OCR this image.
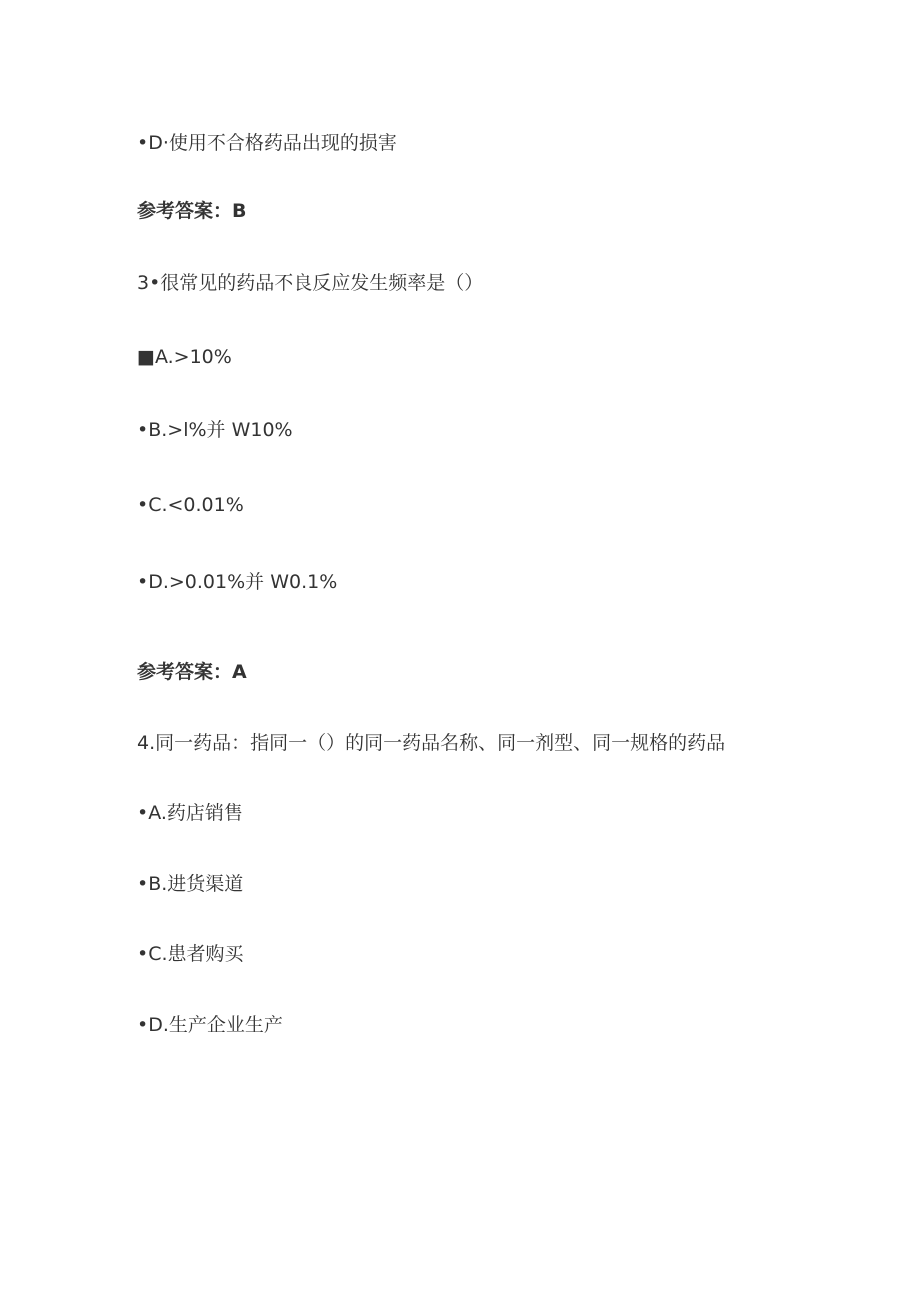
•D·使用不合格药品出现的损害
参考答案：B
3•很常见的药品不良反应发生频率是（）
■A.>10%
•B.>l%并 W10%
•C.<0.01%
•D.>0.01%并 W0.1%
参考答案：A
4.同一药品：指同一（）的同一药品名称、同一剂型、同一规格的药品
•A.药店销售
•B.进货渠道
•C.患者购买
•D.生产企业生产
